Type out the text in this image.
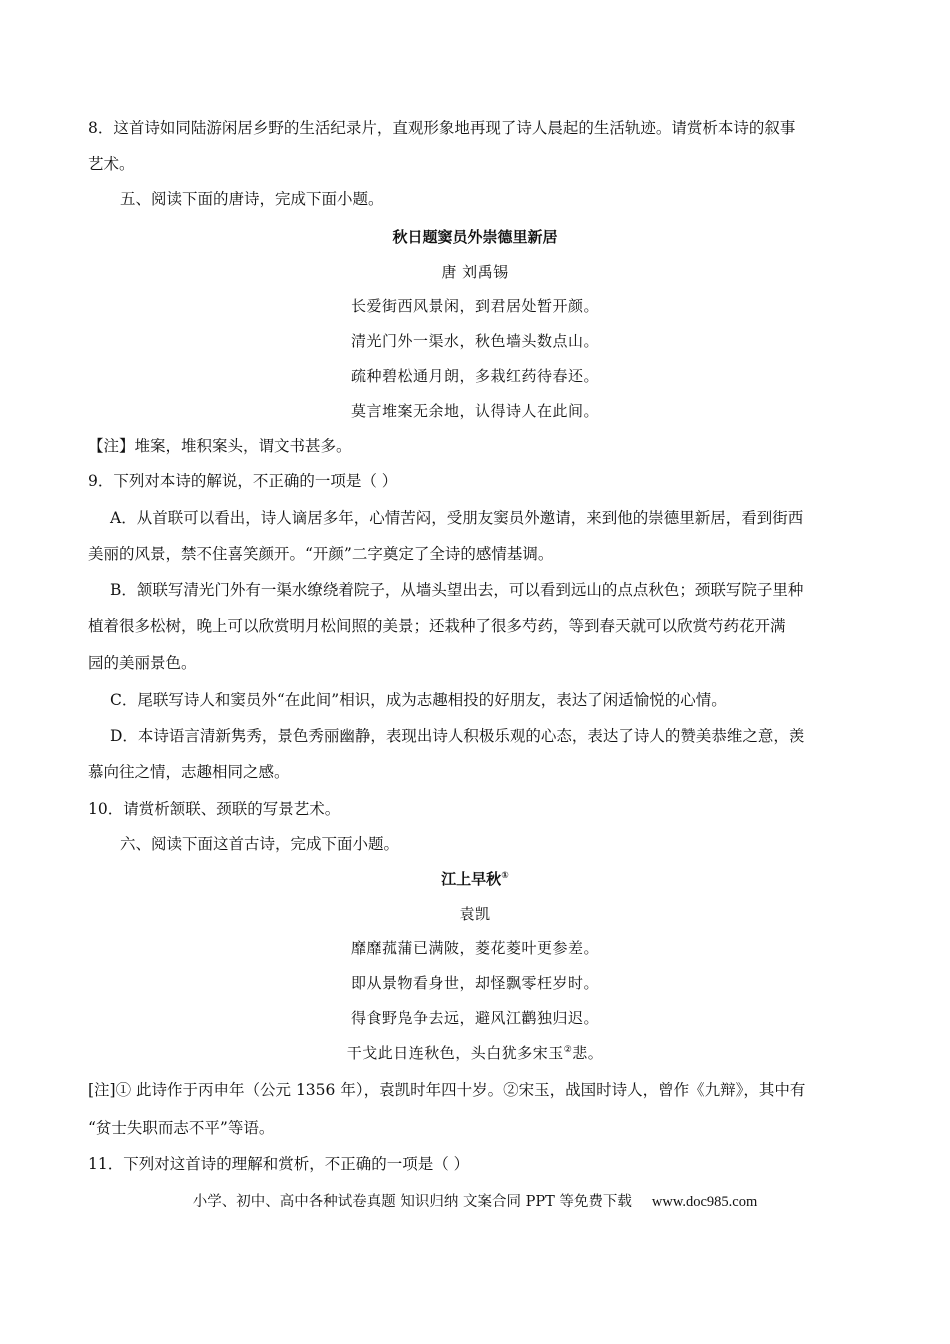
8．这首诗如同陆游闲居乡野的生活纪录片，直观形象地再现了诗人晨起的生活轨迹。请赏析本诗的叙事
艺术。
五、阅读下面的唐诗，完成下面小题。
秋日题窦员外崇德里新居
唐 刘禹锡
长爱街西风景闲，到君居处暂开颜。
清光门外一渠水，秋色墙头数点山。
疏种碧松通月朗，多栽红药待春还。
莫言堆案无余地，认得诗人在此间。
【注】堆案，堆积案头，谓文书甚多。
9．下列对本诗的解说，不正确的一项是（ ）
A．从首联可以看出，诗人谪居多年，心情苦闷，受朋友窦员外邀请，来到他的崇德里新居，看到街西
美丽的风景，禁不住喜笑颜开。“开颜”二字奠定了全诗的感情基调。
B．颔联写清光门外有一渠水缭绕着院子，从墙头望出去，可以看到远山的点点秋色；颈联写院子里种
植着很多松树，晚上可以欣赏明月松间照的美景；还栽种了很多芍药，等到春天就可以欣赏芍药花开满
园的美丽景色。
C．尾联写诗人和窦员外“在此间”相识，成为志趣相投的好朋友，表达了闲适愉悦的心情。
D．本诗语言清新隽秀，景色秀丽幽静，表现出诗人积极乐观的心态，表达了诗人的赞美恭维之意，羡
慕向往之情，志趣相同之感。
10．请赏析颔联、颈联的写景艺术。
六、阅读下面这首古诗，完成下面小题。
江上早秋①
袁凯
靡靡菰蒲已满陂，菱花菱叶更参差。
即从景物看身世，却怪飘零枉岁时。
得食野凫争去远，避风江鹳独归迟。
干戈此日连秋色，头白犹多宋玉②悲。
[注]① 此诗作于丙申年（公元 1356 年），袁凯时年四十岁。②宋玉，战国时诗人，曾作《九辩》，其中有
“贫士失职而志不平”等语。
11．下列对这首诗的理解和赏析，不正确的一项是（ ）
小学、初中、高中各种试卷真题 知识归纳 文案合同 PPT 等免费下载 www.doc985.com
